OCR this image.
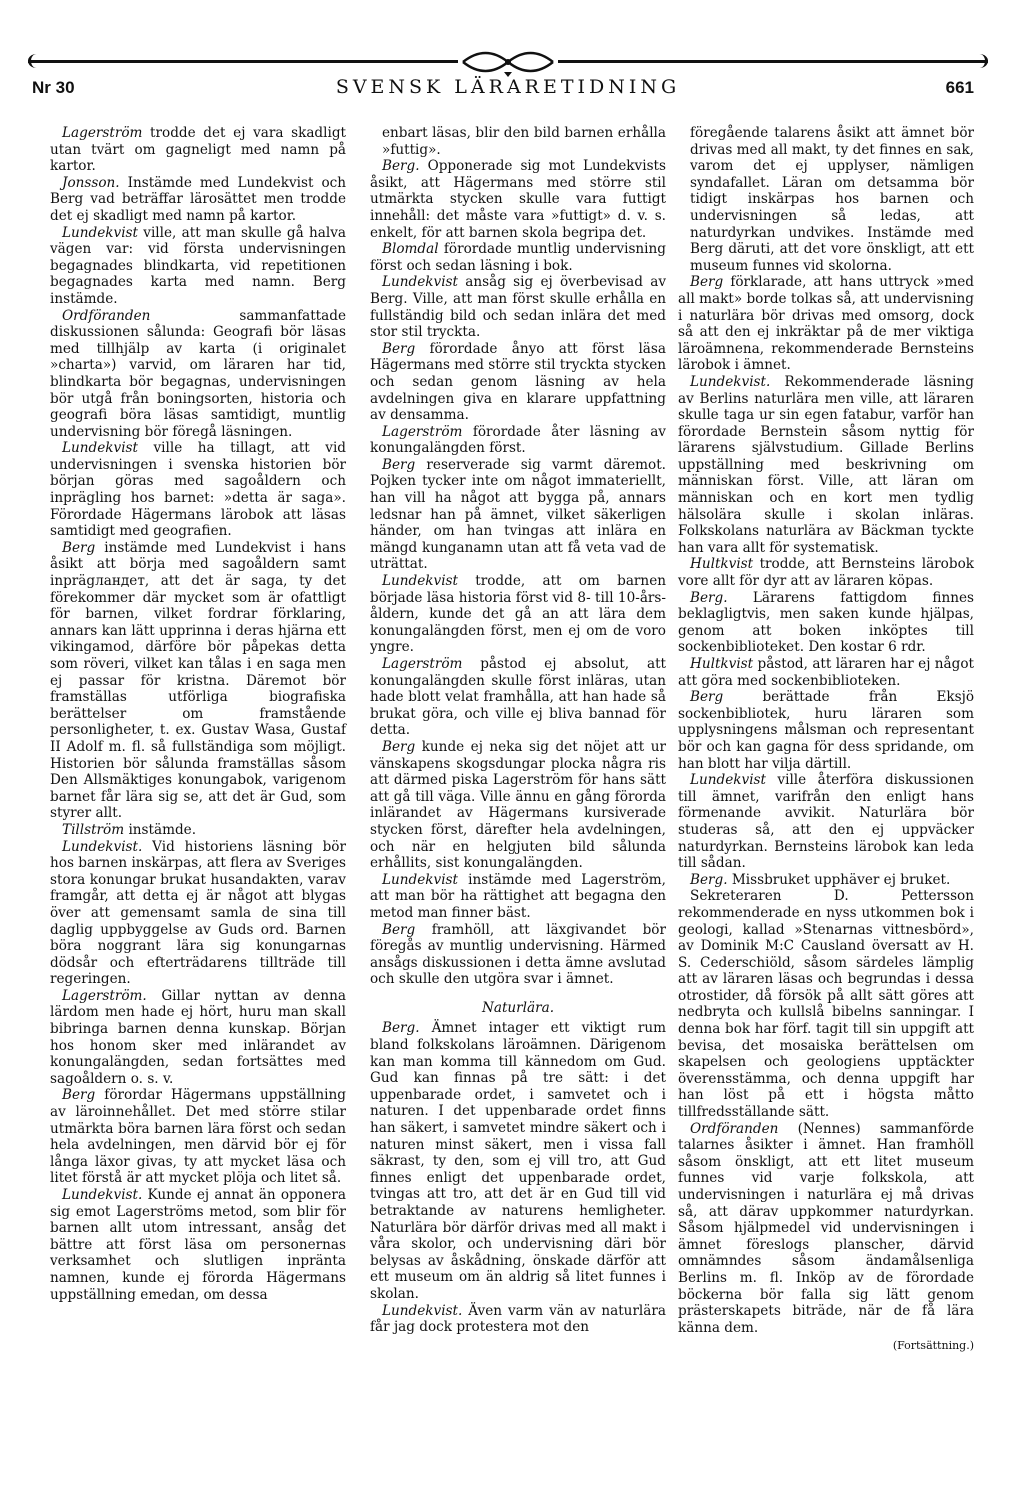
Nr 30	SVENSK LÄRARETIDNING	661

Lagerström trodde det ej vara skadligt utan tvärt om gagneligt med namn på kartor.

Jonsson. Instämde med Lundekvist och Berg vad beträffar lärosättet men trodde det ej skadligt med namn på kartor.

Lundekvist ville, att man skulle gå halva vägen var: vid första undervisningen begagnades blindkarta, vid repetitionen begagnades karta med namn. Berg instämde.

Ordföranden sammanfattade diskussionen sålunda: Geografi bör läsas med tillhjälp av karta (i originalet »charta») varvid, om läraren har tid, blindkarta bör begagnas, undervisningen bör utgå från boningsorten, historia och geografi böra läsas samtidigt, muntlig undervisning bör föregå läsningen.

Lundekvist ville ha tillagt, att vid undervisningen i svenska historien bör början göras med sagoåldern och inprägling hos barnet: »detta är saga». Förordade Hägermans lärobok att läsas samtidigt med geografien.

Berg instämde med Lundekvist i hans åsikt att börja med sagoåldern samt inprägландет, att det är saga, ty det förekommer där mycket som är ofattligt för barnen, vilket fordrar förklaring, annars kan lätt upprinna i deras hjärna ett vikingamod, därföre bör påpekas detta som röveri, vilket kan tålas i en saga men ej passar för kristna. Däremot bör framställas utförliga biografiska berättelser om framstående personligheter, t. ex. Gustav Wasa, Gustaf II Adolf m. fl. så fullständiga som möjligt. Historien bör sålunda framställas såsom Den Allsmäktiges konungabok, varigenom barnet får lära sig se, att det är Gud, som styrer allt.

Tillström instämde.

Lundekvist. Vid historiens läsning bör hos barnen inskärpas, att flera av Sveriges stora konungar brukat husandakten, varav framgår, att detta ej är något att blygas över att gemensamt samla de sina till daglig uppbyggelse av Guds ord. Barnen böra noggrant lära sig konungarnas dödsår och efterträdarens tillträde till regeringen.

Lagerström. Gillar nyttan av denna lärdom men hade ej hört, huru man skall bibringa barnen denna kunskap. Början hos honom sker med inlärandet av konungalängden, sedan fortsättes med sagoåldern o. s. v.

Berg förordar Hägermans uppställning av läroinnehållet. Det med större stilar utmärkta böra barnen lära först och sedan hela avdelningen, men därvid bör ej för långa läxor givas, ty att mycket läsa och litet förstå är att mycket plöja och litet så.

Lundekvist. Kunde ej annat än opponera sig emot Lagerströms metod, som blir för barnen allt utom intressant, ansåg det bättre att först läsa om personernas verksamhet och slutligen inpränta namnen, kunde ej förorda Hägermans uppställning emedan, om dessa

enbart läsas, blir den bild barnen erhålla »futtig».

Berg. Opponerade sig mot Lundekvists åsikt, att Hägermans med större stil utmärkta stycken skulle vara futtigt innehåll: det måste vara »futtigt» d. v. s. enkelt, för att barnen skola begripa det.

Blomdal förordade muntlig undervisning först och sedan läsning i bok.

Lundekvist ansåg sig ej överbevisad av Berg. Ville, att man först skulle erhålla en fullständig bild och sedan inlära det med stor stil tryckta.

Berg förordade ånyo att först läsa Hägermans med större stil tryckta stycken och sedan genom läsning av hela avdelningen giva en klarare uppfattning av densamma.

Lagerström förordade åter läsning av konungalängden först.

Berg reserverade sig varmt däremot. Pojken tycker inte om något immateriellt, han vill ha något att bygga på, annars ledsnar han på ämnet, vilket säkerligen händer, om han tvingas att inlära en mängd kunganamn utan att få veta vad de uträttat.

Lundekvist trodde, att om barnen började läsa historia först vid 8- till 10-års-åldern, kunde det gå an att lära dem konungalängden först, men ej om de voro yngre.

Lagerström påstod ej absolut, att konungalängden skulle först inläras, utan hade blott velat framhålla, att han hade så brukat göra, och ville ej bliva bannad för detta.

Berg kunde ej neka sig det nöjet att ur vänskapens skogsdungar plocka några ris att därmed piska Lagerström för hans sätt att gå till väga. Ville ännu en gång förorda inlärandet av Hägermans kursiverade stycken först, därefter hela avdelningen, och när en helgjuten bild sålunda erhållits, sist konungalängden.

Lundekvist instämde med Lagerström, att man bör ha rättighet att begagna den metod man finner bäst.

Berg framhöll, att läxgivandet bör föregås av muntlig undervisning. Härmed ansågs diskussionen i detta ämne avslutad och skulle den utgöra svar i ämnet.

Naturlära.

Berg. Ämnet intager ett viktigt rum bland folkskolans läroämnen. Därigenom kan man komma till kännedom om Gud. Gud kan finnas på tre sätt: i det uppenbarade ordet, i samvetet och i naturen. I det uppenbarade ordet finns han säkert, i samvetet mindre säkert och i naturen minst säkert, men i vissa fall säkrast, ty den, som ej vill tro, att Gud finnes enligt det uppenbarade ordet, tvingas att tro, att det är en Gud till vid betraktande av naturens hemligheter. Naturlära bör därför drivas med all makt i våra skolor, och undervisning däri bör belysas av åskådning, önskade därför att ett museum om än aldrig så litet funnes i skolan.

Lundekvist. Även varm vän av naturlära får jag dock protestera mot den

föregående talarens åsikt att ämnet bör drivas med all makt, ty det finnes en sak, varom det ej upplyser, nämligen syndafallet. Läran om detsamma bör tidigt inskärpas hos barnen och undervisningen så ledas, att naturdyrkan undvikes. Instämde med Berg däruti, att det vore önskligt, att ett museum funnes vid skolorna.

Berg förklarade, att hans uttryck »med all makt» borde tolkas så, att undervisning i naturlära bör drivas med omsorg, dock så att den ej inkräktar på de mer viktiga läroämnena, rekommenderade Bernsteins lärobok i ämnet.

Lundekvist. Rekommenderade läsning av Berlins naturlära men ville, att läraren skulle taga ur sin egen fatabur, varför han förordade Bernstein såsom nyttig för lärarens självstudium. Gillade Berlins uppställning med beskrivning om människan först. Ville, att läran om människan och en kort men tydlig hälsolära skulle i skolan inläras. Folkskolans naturlära av Bäckman tyckte han vara allt för systematisk.

Hultkvist trodde, att Bernsteins lärobok vore allt för dyr att av läraren köpas.

Berg. Lärarens fattigdom finnes beklagligtvis, men saken kunde hjälpas, genom att boken inköptes till sockenbiblioteket. Den kostar 6 rdr.

Hultkvist påstod, att läraren har ej något att göra med sockenbiblioteken.

Berg berättade från Eksjö sockenbibliotek, huru läraren som upplysningens målsman och representant bör och kan gagna för dess spridande, om han blott har vilja därtill.

Lundekvist ville återföra diskussionen till ämnet, varifrån den enligt hans förmenande avvikit. Naturlära bör studeras så, att den ej uppväcker naturdyrkan. Bernsteins lärobok kan leda till sådan.

Berg. Missbruket upphäver ej bruket.

Sekreteraren D. Pettersson rekommenderade en nyss utkommen bok i geologi, kallad »Stenarnas vittnesbörd», av Dominik M:C Causland översatt av H. S. Cederschiöld, såsom särdeles lämplig att av läraren läsas och begrundas i dessa otrostider, då försök på allt sätt göres att nedbryta och kullslå bibelns sanningar. I denna bok har förf. tagit till sin uppgift att bevisa, det mosaiska berättelsen om skapelsen och geologiens upptäckter överensstämma, och denna uppgift har han löst på ett i högsta måtto tillfredsställande sätt.

Ordföranden (Nennes) sammanförde talarnes åsikter i ämnet. Han framhöll såsom önskligt, att ett litet museum funnes vid varje folkskola, att undervisningen i naturlära ej må drivas så, att därav uppkommer naturdyrkan. Såsom hjälpmedel vid undervisningen i ämnet föreslogs planscher, därvid omnämndes såsom ändamålsenliga Berlins m. fl. Inköp av de förordade böckerna bör falla sig lätt genom prästerskapets biträde, när de få lära känna dem.

(Fortsättning.)
